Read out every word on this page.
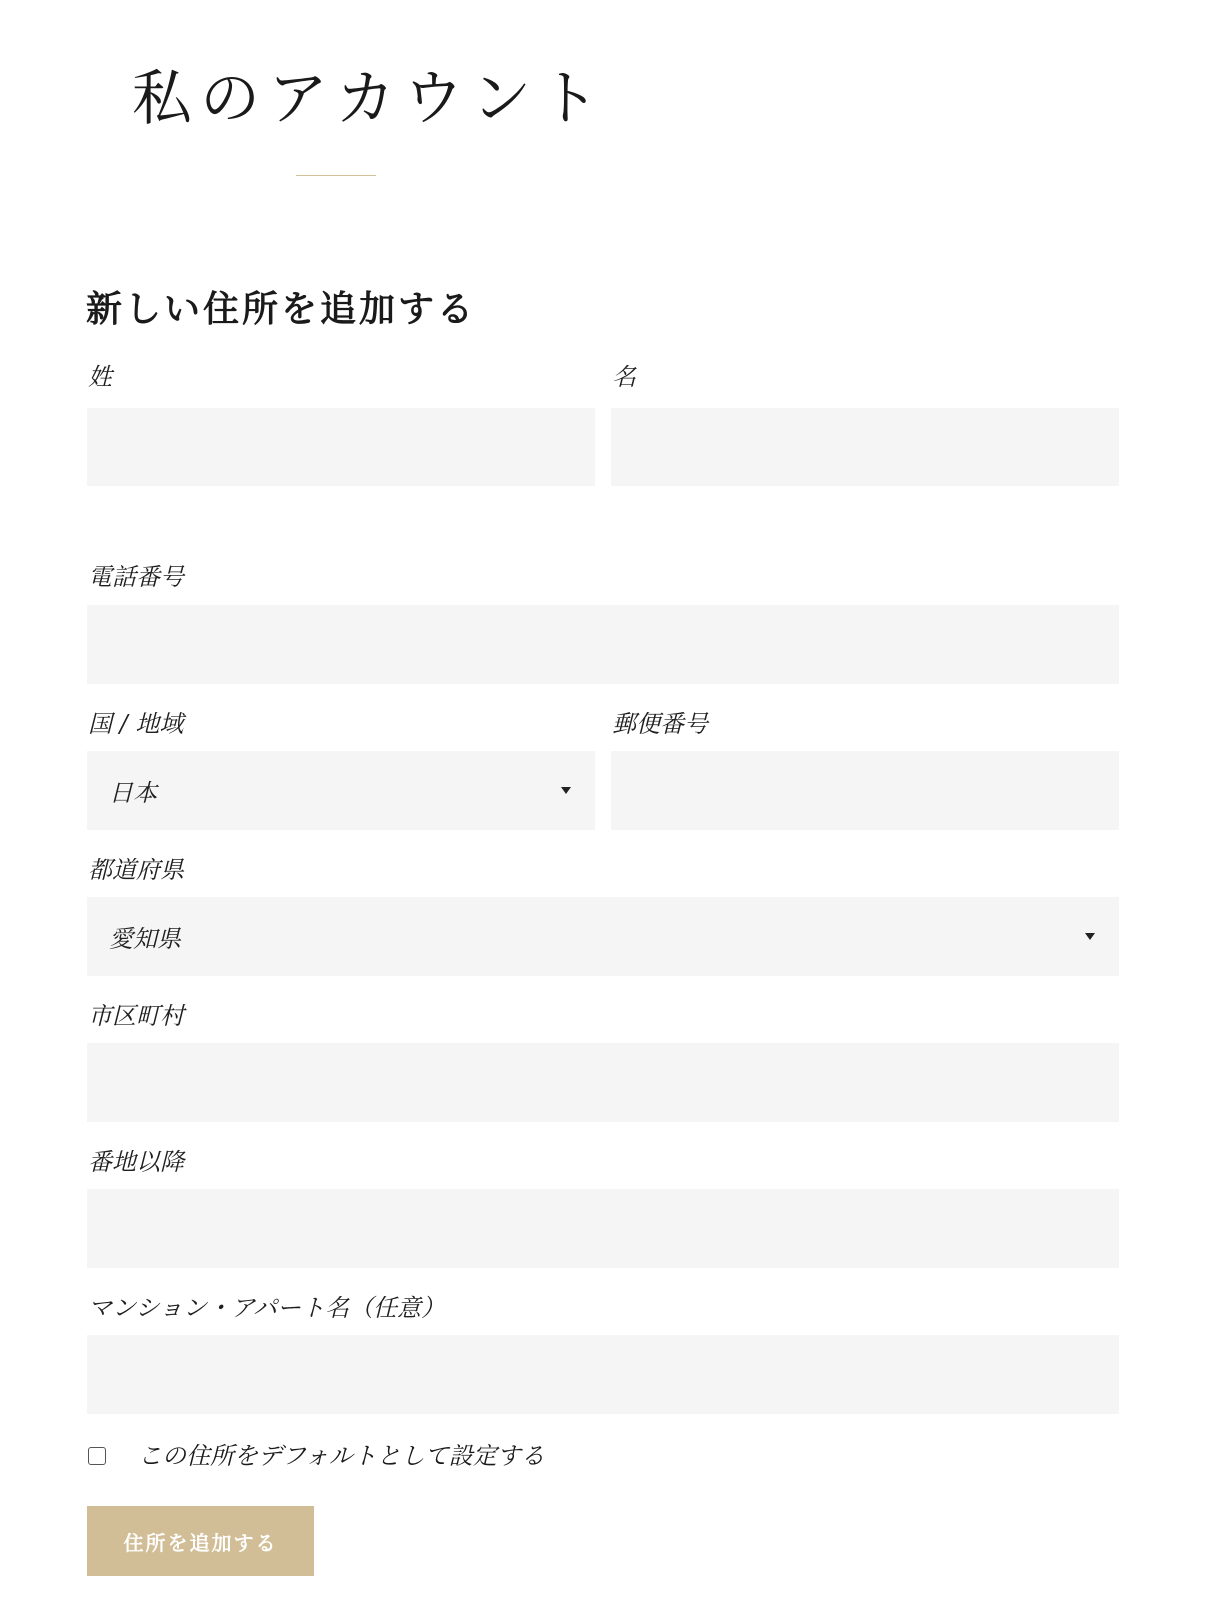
私のアカウント
新しい住所を追加する
姓	名
電話番号
国 / 地域
日本
郵便番号
都道府県
愛知県
市区町村
番地以降
マンション・アパート名（任意）
この住所をデフォルトとして設定する
住所を追加する
